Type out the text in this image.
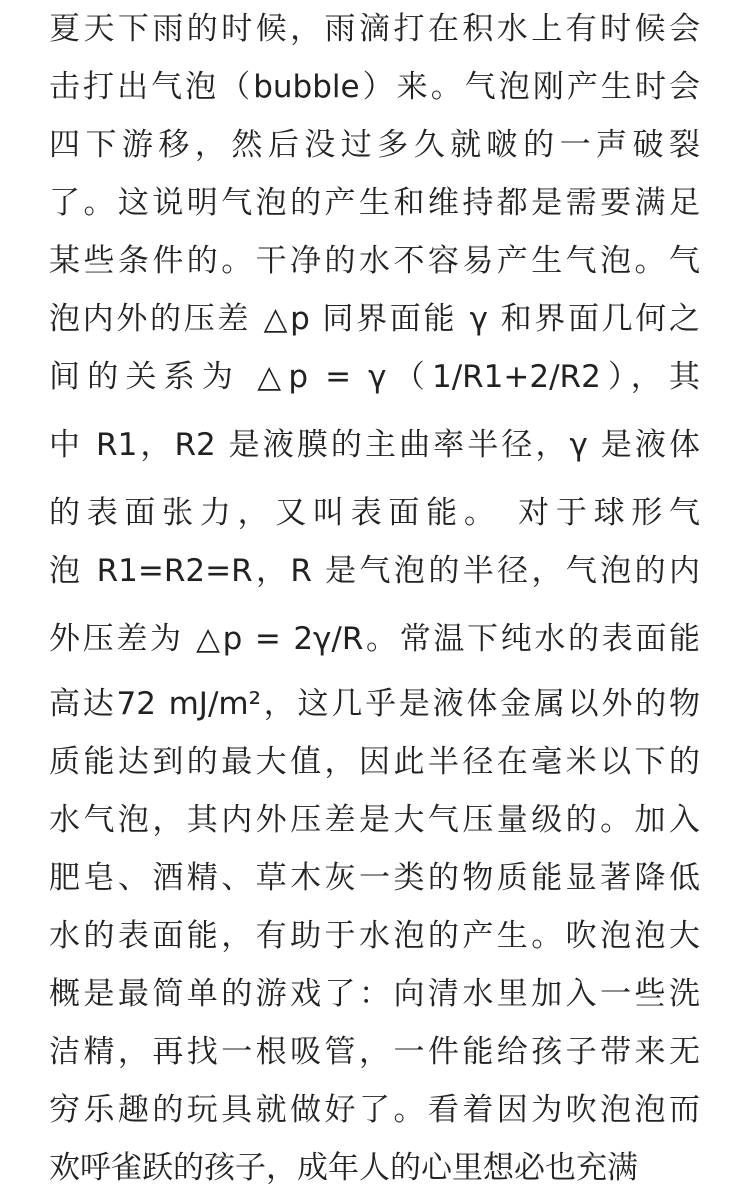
夏天下雨的时候，雨滴打在积水上有时候会
击打出气泡（bubble）来。气泡刚产生时会
四下游移，然后没过多久就啵的一声破裂
了。这说明气泡的产生和维持都是需要满足
某些条件的。干净的水不容易产生气泡。气
泡内外的压差 △p 同界面能 γ 和界面几何之
间的关系为 △p = γ（1/R1+2/R2），其
中 R1，R2 是液膜的主曲率半径，γ 是液体
的表面张力，又叫表面能。 对于球形气
泡 R1=R2=R，R 是气泡的半径，气泡的内
外压差为 △p = 2γ/R。常温下纯水的表面能
高达72 mJ/m²，这几乎是液体金属以外的物
质能达到的最大值，因此半径在毫米以下的
水气泡，其内外压差是大气压量级的。加入
肥皂、酒精、草木灰一类的物质能显著降低
水的表面能，有助于水泡的产生。吹泡泡大
概是最简单的游戏了：向清水里加入一些洗
洁精，再找一根吸管，一件能给孩子带来无
穷乐趣的玩具就做好了。看着因为吹泡泡而
欢呼雀跃的孩子，成年人的心里想必也充满
